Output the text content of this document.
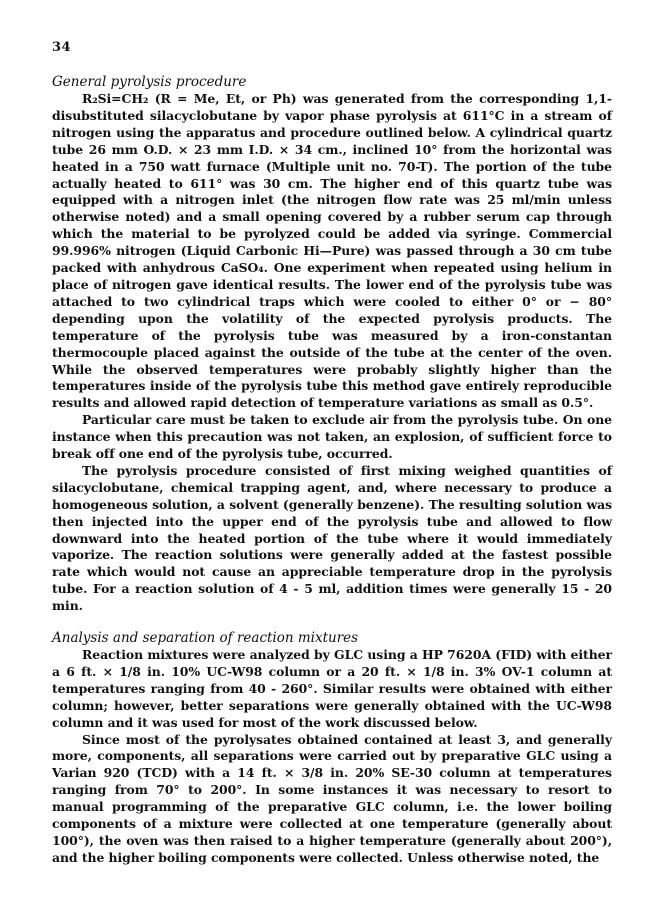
34
General pyrolysis procedure

R₂Si=CH₂ (R = Me, Et, or Ph) was generated from the corresponding 1,1-disubstituted silacyclobutane by vapor phase pyrolysis at 611°C in a stream of nitrogen using the apparatus and procedure outlined below. A cylindrical quartz tube 26 mm O.D. × 23 mm I.D. × 34 cm., inclined 10° from the horizontal was heated in a 750 watt furnace (Multiple unit no. 70-T). The portion of the tube actually heated to 611° was 30 cm. The higher end of this quartz tube was equipped with a nitrogen inlet (the nitrogen flow rate was 25 ml/min unless otherwise noted) and a small opening covered by a rubber serum cap through which the material to be pyrolyzed could be added via syringe. Commercial 99.996% nitrogen (Liquid Carbonic Hi—Pure) was passed through a 30 cm tube packed with anhydrous CaSO₄. One experiment when repeated using helium in place of nitrogen gave identical results. The lower end of the pyrolysis tube was attached to two cylindrical traps which were cooled to either 0° or − 80° depending upon the volatility of the expected pyrolysis products. The temperature of the pyrolysis tube was measured by a iron-constantan thermocouple placed against the outside of the tube at the center of the oven. While the observed temperatures were probably slightly higher than the temperatures inside of the pyrolysis tube this method gave entirely reproducible results and allowed rapid detection of temperature variations as small as 0.5°.

Particular care must be taken to exclude air from the pyrolysis tube. On one instance when this precaution was not taken, an explosion, of sufficient force to break off one end of the pyrolysis tube, occurred.

The pyrolysis procedure consisted of first mixing weighed quantities of silacyclobutane, chemical trapping agent, and, where necessary to produce a homogeneous solution, a solvent (generally benzene). The resulting solution was then injected into the upper end of the pyrolysis tube and allowed to flow downward into the heated portion of the tube where it would immediately vaporize. The reaction solutions were generally added at the fastest possible rate which would not cause an appreciable temperature drop in the pyrolysis tube. For a reaction solution of 4 - 5 ml, addition times were generally 15 - 20 min.

Analysis and separation of reaction mixtures

Reaction mixtures were analyzed by GLC using a HP 7620A (FID) with either a 6 ft. × 1/8 in. 10% UC-W98 column or a 20 ft. × 1/8 in. 3% OV-1 column at temperatures ranging from 40 - 260°. Similar results were obtained with either column; however, better separations were generally obtained with the UC-W98 column and it was used for most of the work discussed below.

Since most of the pyrolysates obtained contained at least 3, and generally more, components, all separations were carried out by preparative GLC using a Varian 920 (TCD) with a 14 ft. × 3/8 in. 20% SE-30 column at temperatures ranging from 70° to 200°. In some instances it was necessary to resort to manual programming of the preparative GLC column, i.e. the lower boiling components of a mixture were collected at one temperature (generally about 100°), the oven was then raised to a higher temperature (generally about 200°), and the higher boiling components were collected. Unless otherwise noted, the
